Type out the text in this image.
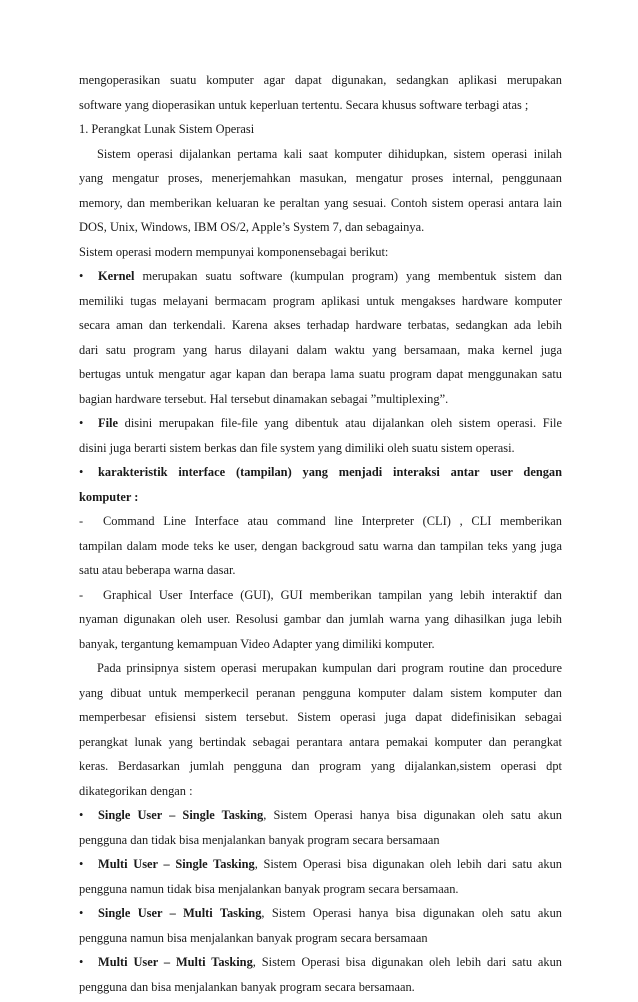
mengoperasikan suatu komputer agar dapat digunakan, sedangkan aplikasi merupakan
software yang dioperasikan untuk keperluan tertentu. Secara khusus software terbagi atas ;
1. Perangkat Lunak Sistem Operasi
Sistem operasi dijalankan pertama kali saat komputer dihidupkan, sistem operasi inilah
yang mengatur proses, menerjemahkan masukan, mengatur proses internal, penggunaan
memory, dan memberikan keluaran ke peraltan yang sesuai. Contoh sistem operasi antara lain
DOS, Unix, Windows, IBM OS/2, Apple’s System 7, dan sebagainya.
Sistem operasi modern mempunyai komponensebagai berikut:
• Kernel merupakan suatu software (kumpulan program) yang membentuk sistem dan
memiliki tugas melayani bermacam program aplikasi untuk mengakses hardware komputer
secara aman dan terkendali. Karena akses terhadap hardware terbatas, sedangkan ada lebih
dari satu program yang harus dilayani dalam waktu yang bersamaan, maka kernel juga
bertugas untuk mengatur agar kapan dan berapa lama suatu program dapat menggunakan satu
bagian hardware tersebut. Hal tersebut dinamakan sebagai ”multiplexing”.
• File disini merupakan file-file yang dibentuk atau dijalankan oleh sistem operasi. File
disini juga berarti sistem berkas dan file system yang dimiliki oleh suatu sistem operasi.
• karakteristik interface (tampilan) yang menjadi interaksi antar user dengan
komputer :
- Command Line Interface atau command line Interpreter (CLI) , CLI memberikan
tampilan dalam mode teks ke user, dengan backgroud satu warna dan tampilan teks yang juga
satu atau beberapa warna dasar.
- Graphical User Interface (GUI), GUI memberikan tampilan yang lebih interaktif dan
nyaman digunakan oleh user. Resolusi gambar dan jumlah warna yang dihasilkan juga lebih
banyak, tergantung kemampuan Video Adapter yang dimiliki komputer.
Pada prinsipnya sistem operasi merupakan kumpulan dari program routine dan procedure
yang dibuat untuk memperkecil peranan pengguna komputer dalam sistem komputer dan
memperbesar efisiensi sistem tersebut. Sistem operasi juga dapat didefinisikan sebagai
perangkat lunak yang bertindak sebagai perantara antara pemakai komputer dan perangkat
keras. Berdasarkan jumlah pengguna dan program yang dijalankan,sistem operasi dpt
dikategorikan dengan :
• Single User – Single Tasking, Sistem Operasi hanya bisa digunakan oleh satu akun
pengguna dan tidak bisa menjalankan banyak program secara bersamaan
• Multi User – Single Tasking, Sistem Operasi bisa digunakan oleh lebih dari satu akun
pengguna namun tidak bisa menjalankan banyak program secara bersamaan.
• Single User – Multi Tasking, Sistem Operasi hanya bisa digunakan oleh satu akun
pengguna namun bisa menjalankan banyak program secara bersamaan
• Multi User – Multi Tasking, Sistem Operasi bisa digunakan oleh lebih dari satu akun
pengguna dan bisa menjalankan banyak program secara bersamaan.
